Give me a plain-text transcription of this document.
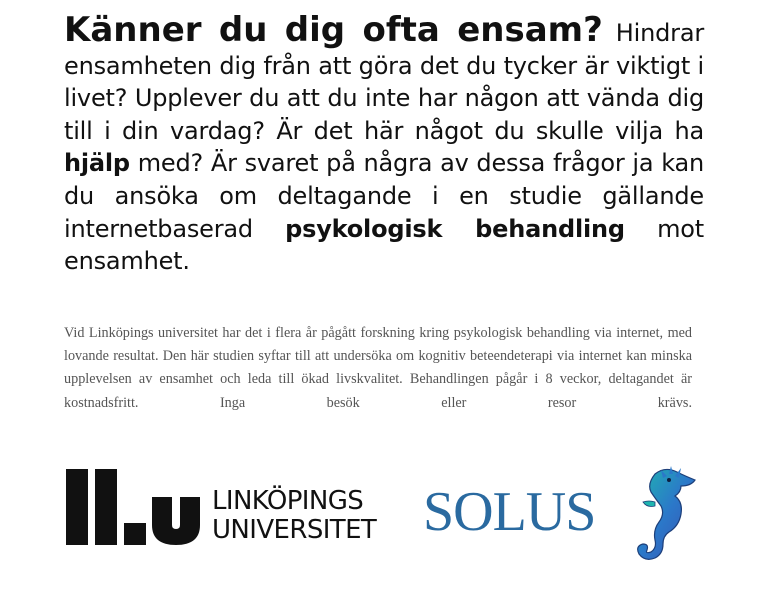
Känner du dig ofta ensam? Hindrar ensamheten dig från att göra det du tycker är viktigt i livet? Upplever du att du inte har någon att vända dig till i din vardag? Är det här något du skulle vilja ha hjälp med? Är svaret på några av dessa frågor ja kan du ansöka om deltagande i en studie gällande internetbaserad psykologisk behandling mot ensamhet.
Vid Linköpings universitet har det i flera år pågått forskning kring psykologisk behandling via internet, med lovande resultat. Den här studien syftar till att undersöka om kognitiv beteendeterapi via internet kan minska upplevelsen av ensamhet och leda till ökad livskvalitet. Behandlingen pågår i 8 veckor, deltagandet är kostnadsfritt. Inga besök eller resor krävs.
LINKÖPINGS
UNIVERSITET SOLUS
